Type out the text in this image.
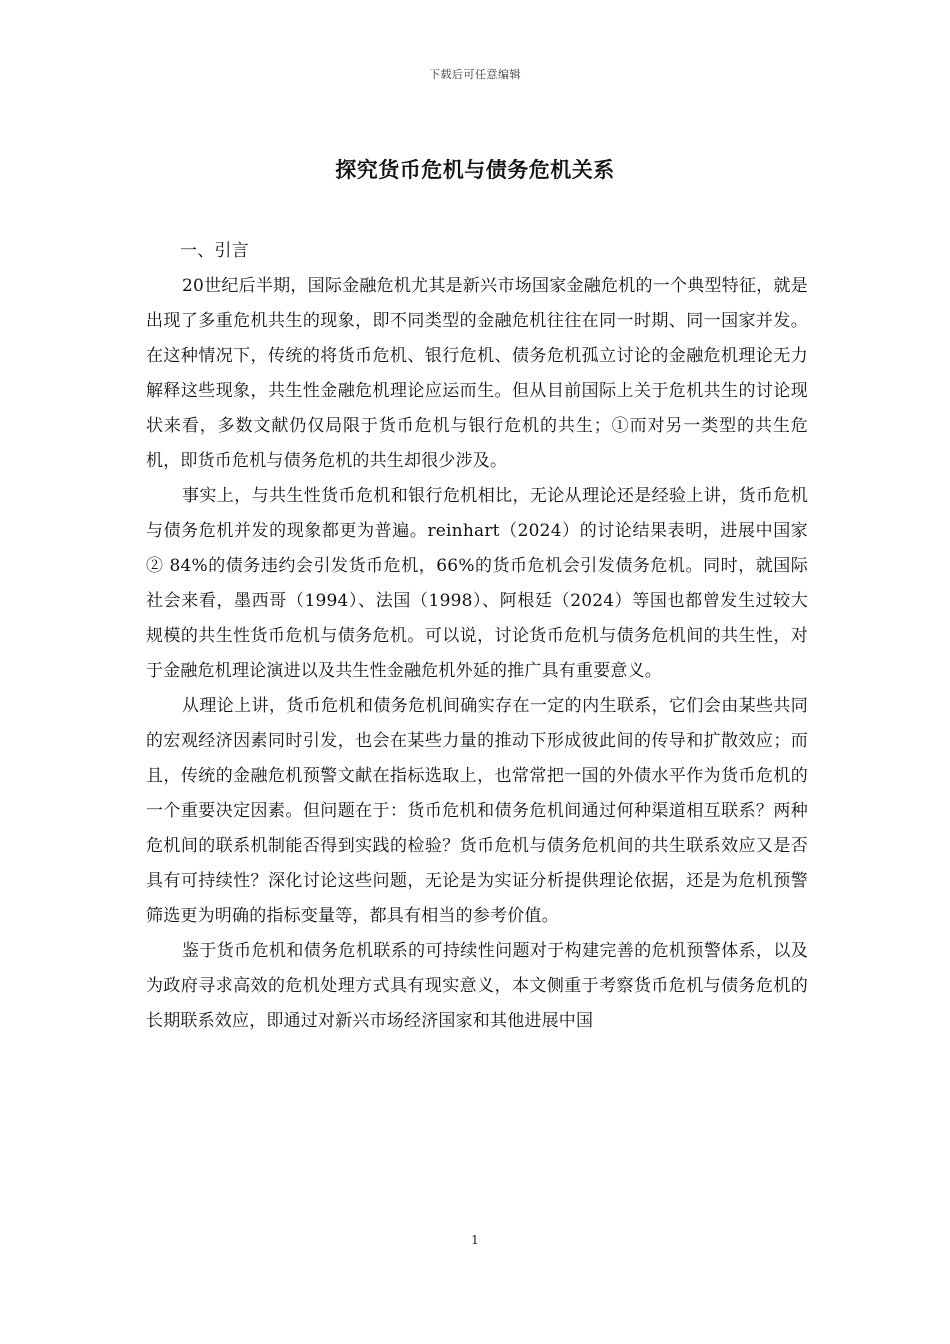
下载后可任意编辑
探究货币危机与债务危机关系

一、引言

20世纪后半期，国际金融危机尤其是新兴市场国家金融危机的一个典型特征，就是出现了多重危机共生的现象，即不同类型的金融危机往往在同一时期、同一国家并发。在这种情况下，传统的将货币危机、银行危机、债务危机孤立讨论的金融危机理论无力解释这些现象，共生性金融危机理论应运而生。但从目前国际上关于危机共生的讨论现状来看，多数文献仍仅局限于货币危机与银行危机的共生；①而对另一类型的共生危机，即货币危机与债务危机的共生却很少涉及。

事实上，与共生性货币危机和银行危机相比，无论从理论还是经验上讲，货币危机与债务危机并发的现象都更为普遍。reinhart（2024）的讨论结果表明，进展中国家② 84%的债务违约会引发货币危机，66%的货币危机会引发债务危机。同时，就国际社会来看，墨西哥（1994）、法国（1998）、阿根廷（2024）等国也都曾发生过较大规模的共生性货币危机与债务危机。可以说，讨论货币危机与债务危机间的共生性，对于金融危机理论演进以及共生性金融危机外延的推广具有重要意义。

从理论上讲，货币危机和债务危机间确实存在一定的内生联系，它们会由某些共同的宏观经济因素同时引发，也会在某些力量的推动下形成彼此间的传导和扩散效应；而且，传统的金融危机预警文献在指标选取上，也常常把一国的外债水平作为货币危机的一个重要决定因素。但问题在于：货币危机和债务危机间通过何种渠道相互联系？两种危机间的联系机制能否得到实践的检验？货币危机与债务危机间的共生联系效应又是否具有可持续性？深化讨论这些问题，无论是为实证分析提供理论依据，还是为危机预警筛选更为明确的指标变量等，都具有相当的参考价值。

鉴于货币危机和债务危机联系的可持续性问题对于构建完善的危机预警体系，以及为政府寻求高效的危机处理方式具有现实意义，本文侧重于考察货币危机与债务危机的长期联系效应，即通过对新兴市场经济国家和其他进展中国

1
